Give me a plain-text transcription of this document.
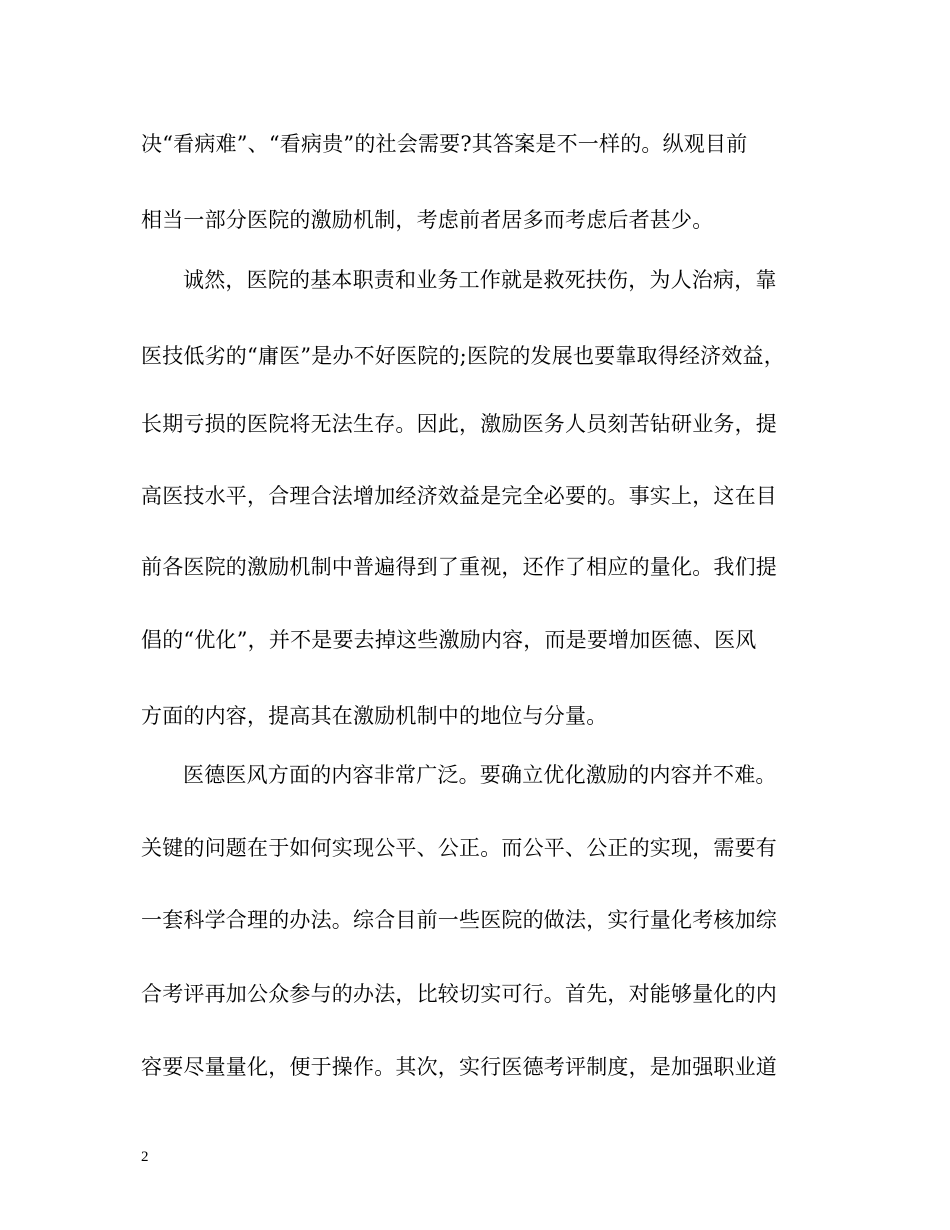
决“看病难”、“看病贵”的社会需要?其答案是不一样的。纵观目前
相当一部分医院的激励机制，考虑前者居多而考虑后者甚少。
诚然，医院的基本职责和业务工作就是救死扶伤，为人治病，靠
医技低劣的“庸医”是办不好医院的;医院的发展也要靠取得经济效益，
长期亏损的医院将无法生存。因此，激励医务人员刻苦钻研业务，提
高医技水平，合理合法增加经济效益是完全必要的。事实上，这在目
前各医院的激励机制中普遍得到了重视，还作了相应的量化。我们提
倡的“优化”，并不是要去掉这些激励内容，而是要增加医德、医风
方面的内容，提高其在激励机制中的地位与分量。
医德医风方面的内容非常广泛。要确立优化激励的内容并不难。
关键的问题在于如何实现公平、公正。而公平、公正的实现，需要有
一套科学合理的办法。综合目前一些医院的做法，实行量化考核加综
合考评再加公众参与的办法，比较切实可行。首先，对能够量化的内
容要尽量量化，便于操作。其次，实行医德考评制度，是加强职业道
2
